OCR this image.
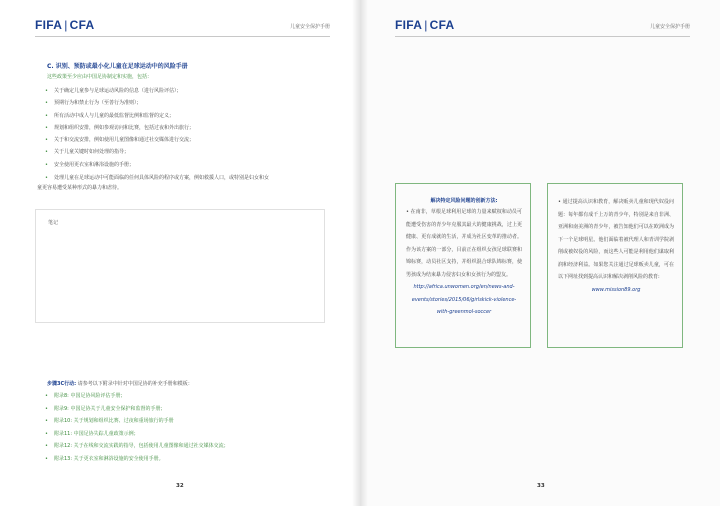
FIFA | CFA	儿童安全保护手册
C. 识别、预防或最小化儿童在足球运动中的风险手册
这些政策至少应由中国足协制定和实施，包括：
• 关于确定儿童参与足球运动风险的信息（进行风险评估）；
• 预期行为和禁止行为（至善行为准则）；
• 所有活动中成人与儿童的最低监督比例和监督的定义；
• 规划和组织安排，例如参观访问和比赛，包括过夜和外出旅行；
• 关于和交流安排，例如使用儿童图像和通过社交媒体进行交流；
• 关于儿童关键时如何处理的指导；
• 安全使用更衣室和淋浴设施的手册；
• 处理儿童在足球运动中可能面临的任何具体风险的程序或方案，例如救援人口，或特别是妇女和女
童更容易遭受某种形式的暴力和虐待。
笔记
步骤3C行动: 请参考以下附录中针对中国足协的补充手册和模板：
• 附录8: 中国足协风险评估手册；
• 附录9: 中国足协关于儿童安全保护和监督的手册；
• 附录10: 关于规划和组织比赛、过夜和重场旅行的手册
• 附录11: 中国足协失踪儿童政策示例；
• 附录12: 关于在线和交流实践的指导，包括使用儿童图像和通过社交媒体交流；
• 附录13: 关于更衣室和淋浴设施的安全使用手册。
32
FIFA | CFA	儿童安全保护手册
解决特定风险问题的创新方法:
• 在南非，草根足球利用足球的力量来赋权和动员可能遭受伤害的青少年克服其最大的健康挑战，过上更健康、更有成就的生活，并成为社区变革的推动者。作为该方案的一部分，目前正在组织女孩足球联赛和锦标赛，动员社区支持，并组织混合球队锦标赛，使男孩成为结束暴力侵害妇女和女孩行为的盟友。
http://africa.unwomen.org/en/news-and-events/stories/2015/06/girlskick-violence-with-greenmol-soccer
• 通过提高认识和教育，解决贩卖儿童和现代奴役问题：每年都有成千上万的青少年，特别是来自非洲、亚洲和南美洲的青少年，被告知他们可以在欧洲成为下一个足球明星。他们面临着被代理人和青训学院剥削或被奴役的风险，而这些人可能是利用他们谋取利润和经济利益。如果您关注通过足球贩卖儿童，可在以下网址找到提高认识和解决剥削风险的教育:
www.mission89.org
33
